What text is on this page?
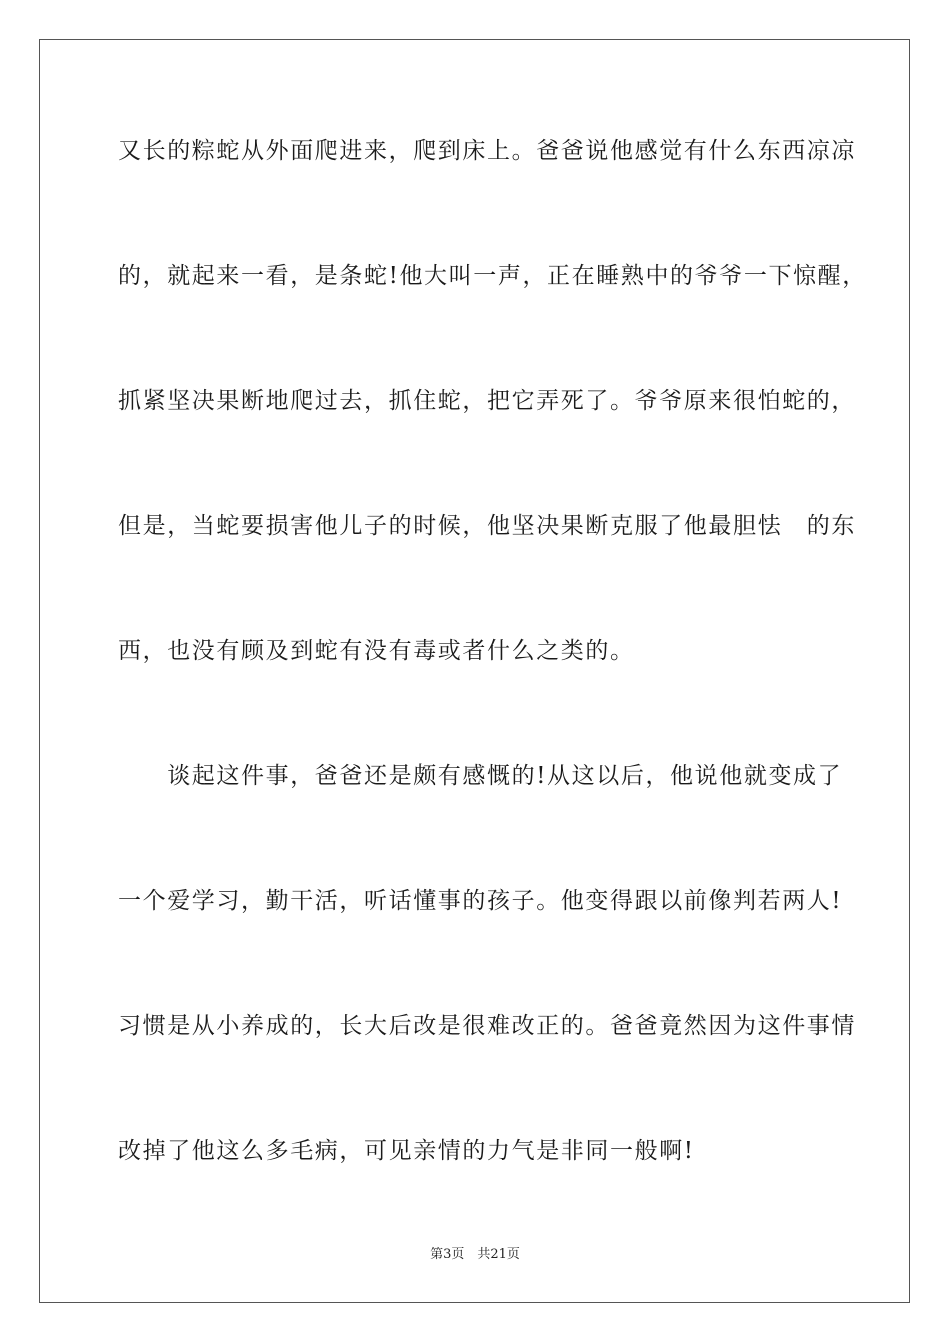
又长的粽蛇从外面爬进来，爬到床上。爸爸说他感觉有什么东西凉凉
的，就起来一看，是条蛇!他大叫一声，正在睡熟中的爷爷一下惊醒，
抓紧坚决果断地爬过去，抓住蛇，把它弄死了。爷爷原来很怕蛇的，
但是，当蛇要损害他儿子的时候，他坚决果断克服了他最胆怯　的东
西，也没有顾及到蛇有没有毒或者什么之类的。
　　谈起这件事，爸爸还是颇有感慨的!从这以后，他说他就变成了
一个爱学习，勤干活，听话懂事的孩子。他变得跟以前像判若两人!
习惯是从小养成的，长大后改是很难改正的。爸爸竟然因为这件事情
改掉了他这么多毛病，可见亲情的力气是非同一般啊!
第3页　共21页
